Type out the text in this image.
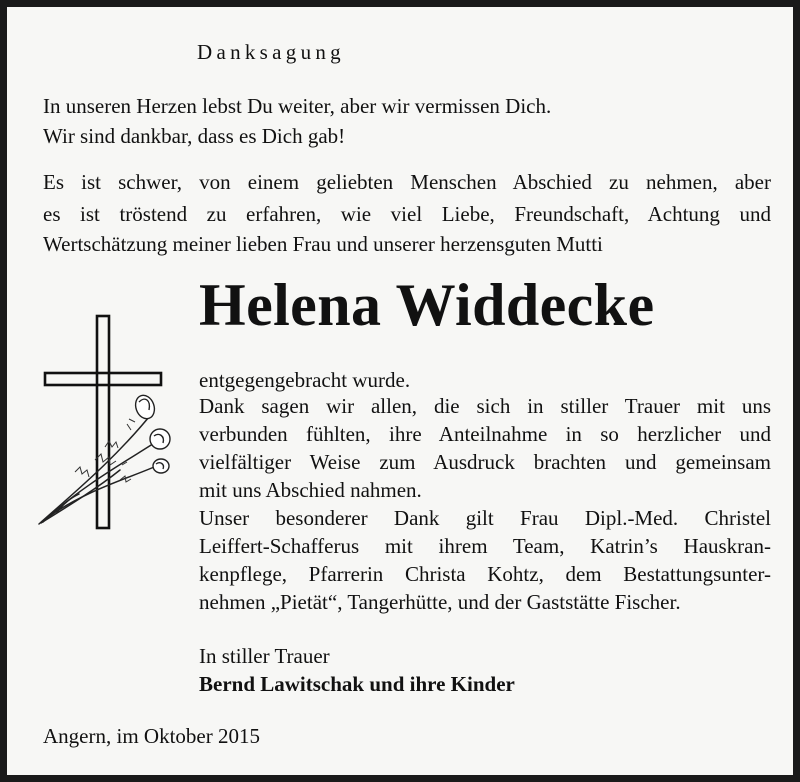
Danksagung
In unseren Herzen lebst Du weiter, aber wir vermissen Dich.
Wir sind dankbar, dass es Dich gab!
Es ist schwer, von einem geliebten Menschen Abschied zu nehmen, aber
es ist tröstend zu erfahren, wie viel Liebe, Freundschaft, Achtung und
Wertschätzung meiner lieben Frau und unserer herzensguten Mutti
Helena Widdecke
entgegengebracht wurde.
Dank sagen wir allen, die sich in stiller Trauer mit uns
verbunden fühlten, ihre Anteilnahme in so herzlicher und
vielfältiger Weise zum Ausdruck brachten und gemeinsam
mit uns Abschied nahmen.
Unser besonderer Dank gilt Frau Dipl.-Med. Christel
Leiffert-Schafferus mit ihrem Team, Katrin’s Hauskran-
kenpflege, Pfarrerin Christa Kohtz, dem Bestattungsunter-
nehmen „Pietät“, Tangerhütte, und der Gaststätte Fischer.
In stiller Trauer
Bernd Lawitschak und ihre Kinder
Angern, im Oktober 2015
